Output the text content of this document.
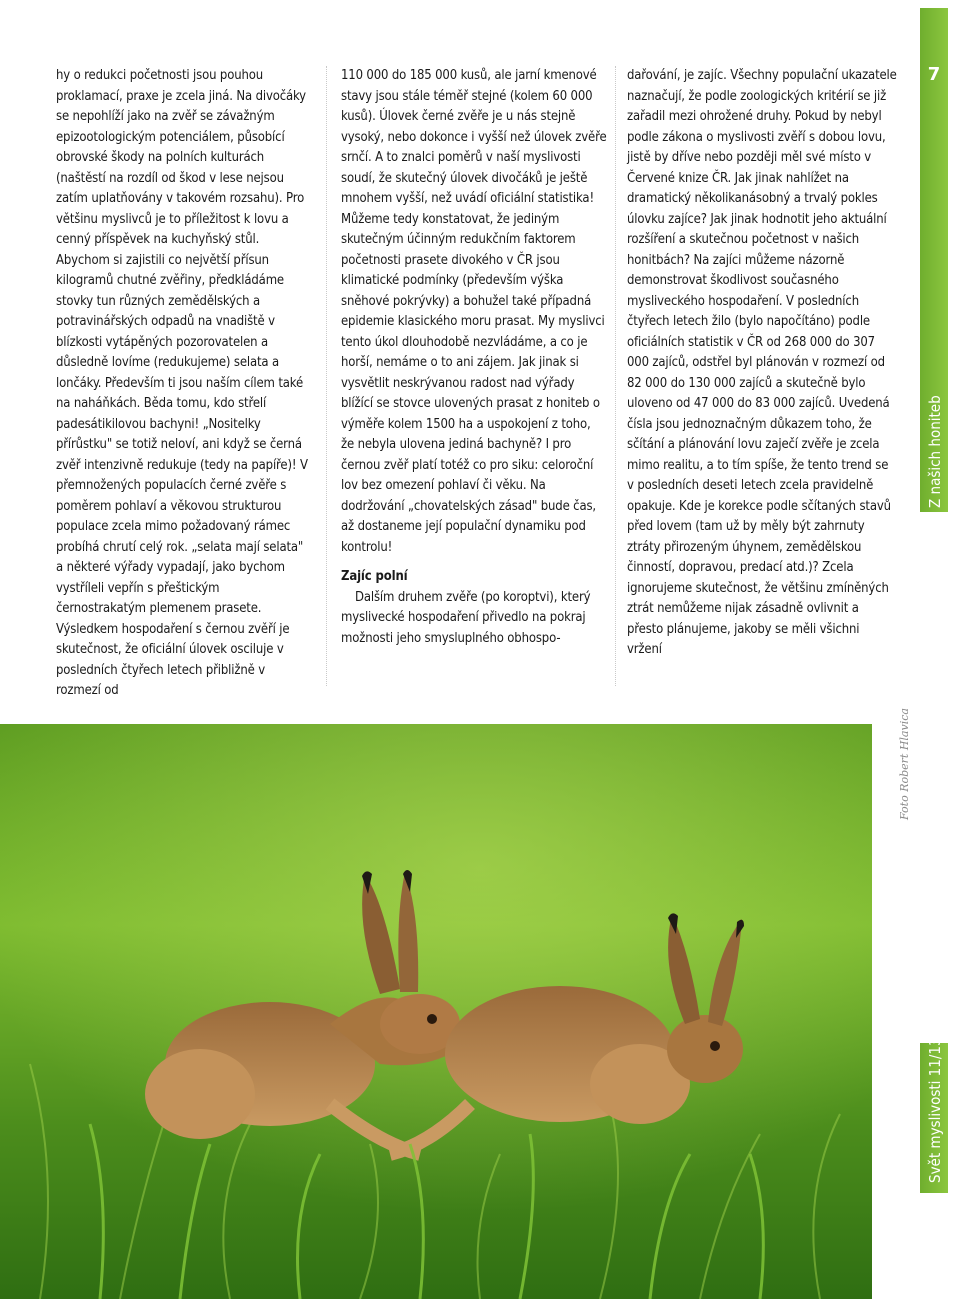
hy o redukci početnosti jsou pouhou proklamací, praxe je zcela jiná. Na divočáky se nepohlíží jako na zvěř se závažným epizootologickým potenciálem, působící obrovské škody na polních kulturách (naštěstí na rozdíl od škod v lese nejsou zatím uplatňovány v takovém rozsahu). Pro většinu myslivců je to příležitost k lovu a cenný příspěvek na kuchyňský stůl. Abychom si zajistili co největší přísun kilogramů chutné zvěřiny, předkládáme stovky tun různých zemědělských a potravinářských odpadů na vnadiště v blízkosti vytápěných pozorovatelen a důsledně lovíme (redukujeme) selata a lončáky. Především ti jsou naším cílem také na naháňkách. Běda tomu, kdo střelí padesátikilovou bachyni! „Nositelky přírůstku" se totiž neloví, ani když se černá zvěř intenzivně redukuje (tedy na papíře)! V přemnožených populacích černé zvěře s poměrem pohlaví a věkovou strukturou populace zcela mimo požadovaný rámec probíhá chrutí celý rok. „selata mají selata" a některé výřady vypadají, jako bychom vystříleli vepřín s přeštickým černostrakatým plemenem prasete. Výsledkem hospodaření s černou zvěří je skutečnost, že oficiální úlovek osciluje v posledních čtyřech letech přibližně v rozmezí od

110 000 do 185 000 kusů, ale jarní kmenové stavy jsou stále téměř stejné (kolem 60 000 kusů). Úlovek černé zvěře je u nás stejně vysoký, nebo dokonce i vyšší než úlovek zvěře srnčí. A to znalci poměrů v naší myslivosti soudí, že skutečný úlovek divočáků je ještě mnohem vyšší, než uvádí oficiální statistika! Můžeme tedy konstatovat, že jediným skutečným účinným redukčním faktorem početnosti prasete divokého v ČR jsou klimatické podmínky (především výška sněhové pokrývky) a bohužel také případná epidemie klasického moru prasat. My myslivci tento úkol dlouhodobě nezvládáme, a co je horší, nemáme o to ani zájem. Jak jinak si vysvětlit neskrývanou radost nad výřady blížící se stovce ulovených prasat z honiteb o výměře kolem 1500 ha a uspokojení z toho, že nebyla ulovena jediná bachyně? I pro černou zvěř platí totéž co pro siku: celoroční lov bez omezení pohlaví či věku. Na dodržování „chovatelských zásad" bude čas, až dostaneme její populační dynamiku pod kontrolu!

Zajíc polní

Dalším druhem zvěře (po koroptvi), který myslivecké hospodaření přivedlo na pokraj možnosti jeho smysluplného obhospo-

dařování, je zajíc. Všechny populační ukazatele naznačují, že podle zoologických kritérií se již zařadil mezi ohrožené druhy. Pokud by nebyl podle zákona o myslivosti zvěří s dobou lovu, jistě by dříve nebo později měl své místo v Červené knize ČR. Jak jinak nahlížet na dramatický několikanásobný a trvalý pokles úlovku zajíce? Jak jinak hodnotit jeho aktuální rozšíření a skutečnou početnost v našich honitbách? Na zajíci můžeme názorně demonstrovat škodlivost současného mysliveckého hospodaření. V posledních čtyřech letech žilo (bylo napočítáno) podle oficiálních statistik v ČR od 268 000 do 307 000 zajíců, odstřel byl plánován v rozmezí od 82 000 do 130 000 zajíců a skutečně bylo uloveno od 47 000 do 83 000 zajíců. Uvedená čísla jsou jednoznačným důkazem toho, že sčítání a plánování lovu zaječí zvěře je zcela mimo realitu, a to tím spíše, že tento trend se v posledních deseti letech zcela pravidelně opakuje. Kde je korekce podle sčítaných stavů před lovem (tam už by měly být zahrnuty ztráty přirozeným úhynem, zemědělskou činností, dopravou, predací atd.)? Zcela ignorujeme skutečnost, že většinu zmíněných ztrát nemůžeme nijak zásadně ovlivnit a přesto plánujeme, jakoby se měli všichni vržení

Z našich honiteb
7
Svět myslivosti 11/13
Foto Robert Hlavica
